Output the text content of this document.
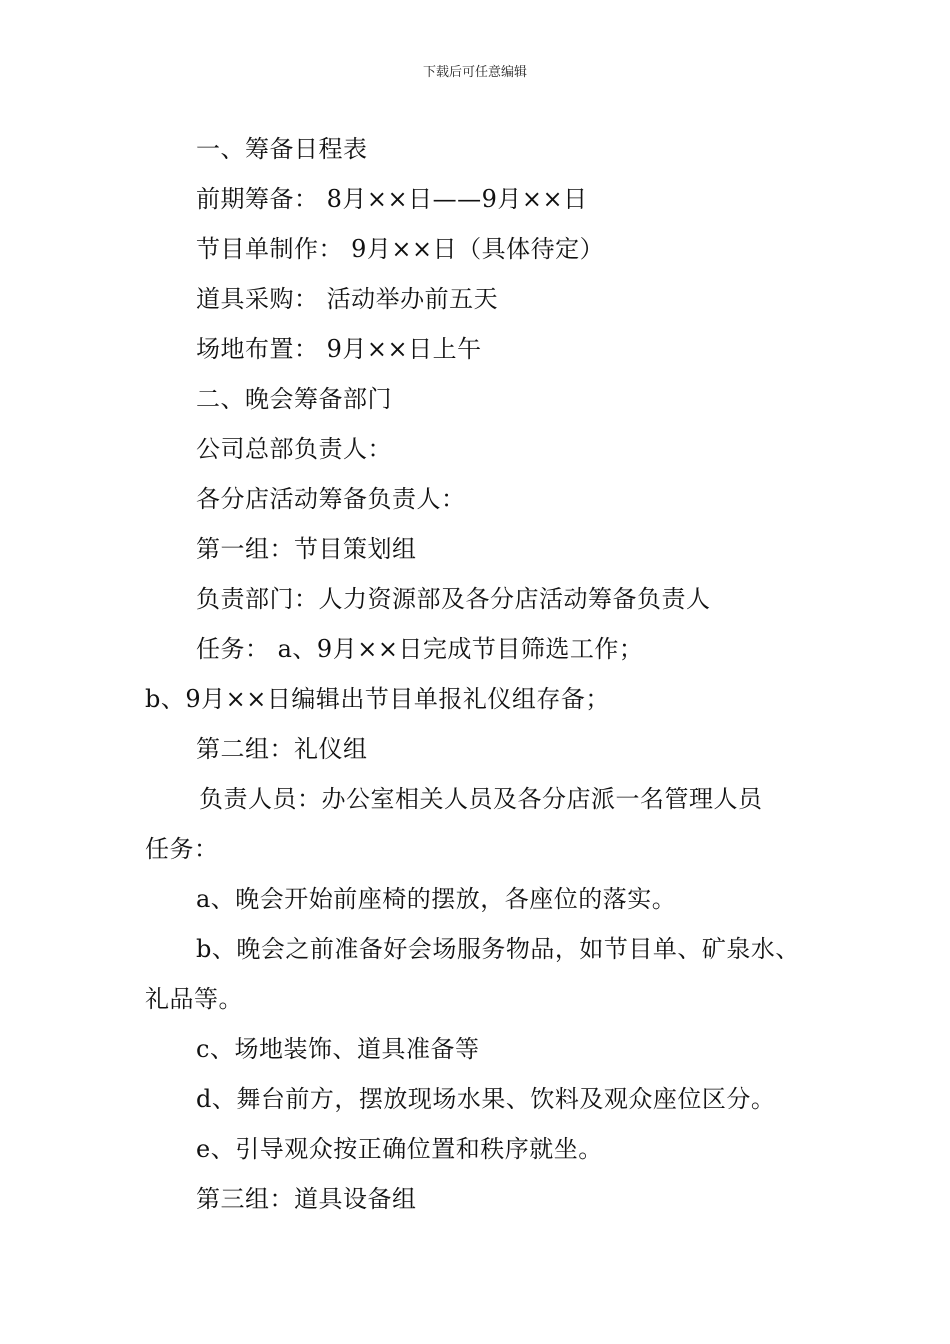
下载后可任意编辑

一、筹备日程表

前期筹备： 8月××日——9月××日

节目单制作： 9月××日（具体待定）

道具采购： 活动举办前五天

场地布置： 9月××日上午

二、晚会筹备部门

公司总部负责人：

各分店活动筹备负责人：

第一组：节目策划组

负责部门：人力资源部及各分店活动筹备负责人

任务： a、9月××日完成节目筛选工作；

b、9月××日编辑出节目单报礼仪组存备；

第二组：礼仪组

负责人员：办公室相关人员及各分店派一名管理人员

任务：

a、晚会开始前座椅的摆放，各座位的落实。

b、晚会之前准备好会场服务物品，如节目单、矿泉水、

礼品等。

c、场地装饰、道具准备等

d、舞台前方，摆放现场水果、饮料及观众座位区分。

e、引导观众按正确位置和秩序就坐。

第三组：道具设备组
